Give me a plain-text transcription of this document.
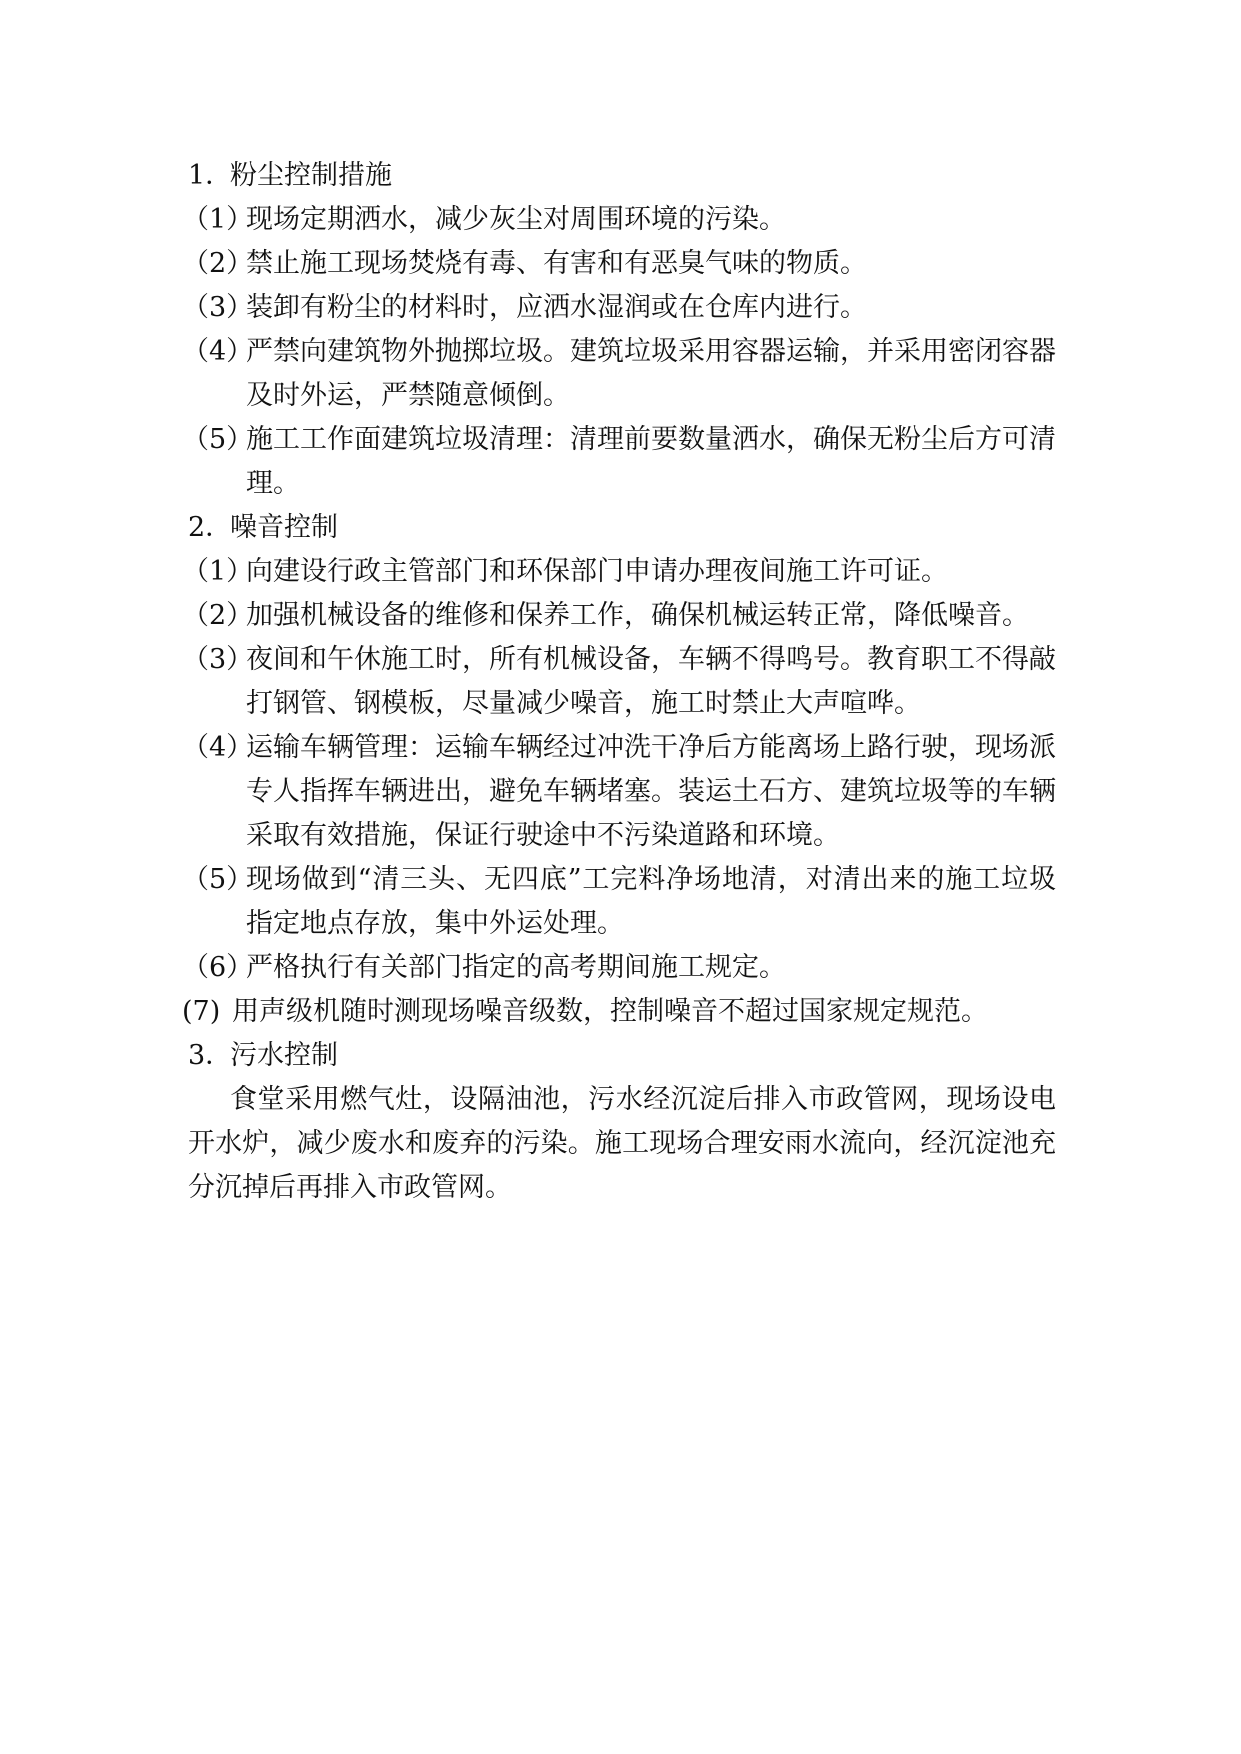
1．粉尘控制措施
（1）
现场定期洒水，减少灰尘对周围环境的污染。
（2）
禁止施工现场焚烧有毒、有害和有恶臭气味的物质。
（3）
装卸有粉尘的材料时，应洒水湿润或在仓库内进行。
（4）
严禁向建筑物外抛掷垃圾。建筑垃圾采用容器运输，并采用密闭容器及时外运，严禁随意倾倒。
（5）
施工工作面建筑垃圾清理：清理前要数量洒水，确保无粉尘后方可清理。
2．噪音控制
（1）
向建设行政主管部门和环保部门申请办理夜间施工许可证。
（2）
加强机械设备的维修和保养工作，确保机械运转正常，降低噪音。
（3）
夜间和午休施工时，所有机械设备，车辆不得鸣号。教育职工不得敲打钢管、钢模板，尽量减少噪音，施工时禁止大声喧哗。
（4）
运输车辆管理：运输车辆经过冲洗干净后方能离场上路行驶，现场派专人指挥车辆进出，避免车辆堵塞。装运土石方、建筑垃圾等的车辆采取有效措施，保证行驶途中不污染道路和环境。
（5）
现场做到“清三头、无四底”工完料净场地清，对清出来的施工垃圾指定地点存放，集中外运处理。
（6）
严格执行有关部门指定的高考期间施工规定。
(7) 用声级机随时测现场噪音级数，控制噪音不超过国家规定规范。
3．污水控制
食堂采用燃气灶，设隔油池，污水经沉淀后排入市政管网，现场设电开水炉，减少废水和废弃的污染。施工现场合理安雨水流向，经沉淀池充分沉掉后再排入市政管网。
